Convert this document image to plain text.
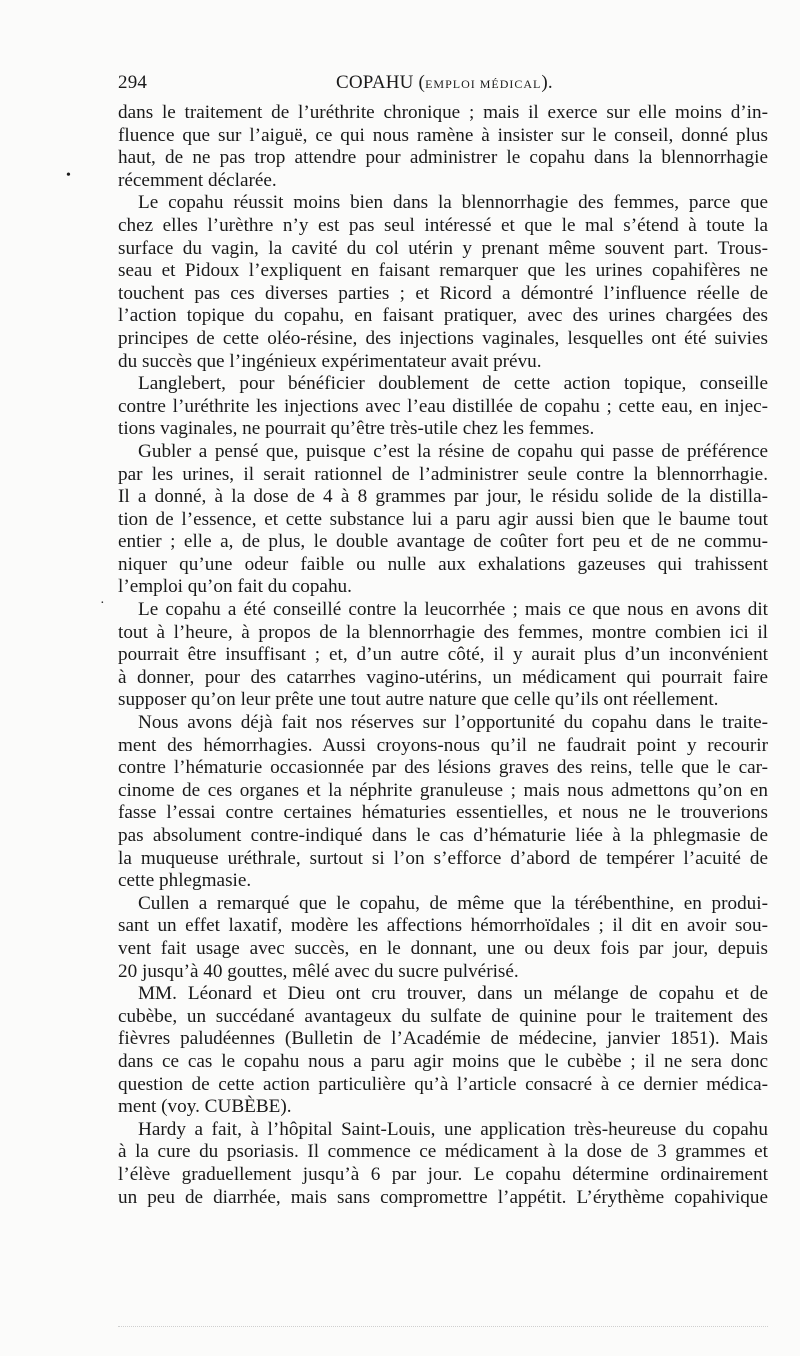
294	COPAHU (EMPLOI MÉDICAL).
•
·
dans le traitement de l’uréthrite chronique ; mais il exerce sur elle moins d’in-
fluence que sur l’aiguë, ce qui nous ramène à insister sur le conseil, donné plus
haut, de ne pas trop attendre pour administrer le copahu dans la blennorrhagie
récemment déclarée.
Le copahu réussit moins bien dans la blennorrhagie des femmes, parce que
chez elles l’urèthre n’y est pas seul intéressé et que le mal s’étend à toute la
surface du vagin, la cavité du col utérin y prenant même souvent part. Trous-
seau et Pidoux l’expliquent en faisant remarquer que les urines copahifères ne
touchent pas ces diverses parties ; et Ricord a démontré l’influence réelle de
l’action topique du copahu, en faisant pratiquer, avec des urines chargées des
principes de cette oléo-résine, des injections vaginales, lesquelles ont été suivies
du succès que l’ingénieux expérimentateur avait prévu.
Langlebert, pour bénéficier doublement de cette action topique, conseille
contre l’uréthrite les injections avec l’eau distillée de copahu ; cette eau, en injec-
tions vaginales, ne pourrait qu’être très-utile chez les femmes.
Gubler a pensé que, puisque c’est la résine de copahu qui passe de préférence
par les urines, il serait rationnel de l’administrer seule contre la blennorrhagie.
Il a donné, à la dose de 4 à 8 grammes par jour, le résidu solide de la distilla-
tion de l’essence, et cette substance lui a paru agir aussi bien que le baume tout
entier ; elle a, de plus, le double avantage de coûter fort peu et de ne commu-
niquer qu’une odeur faible ou nulle aux exhalations gazeuses qui trahissent
l’emploi qu’on fait du copahu.
Le copahu a été conseillé contre la leucorrhée ; mais ce que nous en avons dit
tout à l’heure, à propos de la blennorrhagie des femmes, montre combien ici il
pourrait être insuffisant ; et, d’un autre côté, il y aurait plus d’un inconvénient
à donner, pour des catarrhes vagino-utérins, un médicament qui pourrait faire
supposer qu’on leur prête une tout autre nature que celle qu’ils ont réellement.
Nous avons déjà fait nos réserves sur l’opportunité du copahu dans le traite-
ment des hémorrhagies. Aussi croyons-nous qu’il ne faudrait point y recourir
contre l’hématurie occasionnée par des lésions graves des reins, telle que le car-
cinome de ces organes et la néphrite granuleuse ; mais nous admettons qu’on en
fasse l’essai contre certaines hématuries essentielles, et nous ne le trouverions
pas absolument contre-indiqué dans le cas d’hématurie liée à la phlegmasie de
la muqueuse uréthrale, surtout si l’on s’efforce d’abord de tempérer l’acuité de
cette phlegmasie.
Cullen a remarqué que le copahu, de même que la térébenthine, en produi-
sant un effet laxatif, modère les affections hémorrhoïdales ; il dit en avoir sou-
vent fait usage avec succès, en le donnant, une ou deux fois par jour, depuis
20 jusqu’à 40 gouttes, mêlé avec du sucre pulvérisé.
MM. Léonard et Dieu ont cru trouver, dans un mélange de copahu et de
cubèbe, un succédané avantageux du sulfate de quinine pour le traitement des
fièvres paludéennes (Bulletin de l’Académie de médecine, janvier 1851). Mais
dans ce cas le copahu nous a paru agir moins que le cubèbe ; il ne sera donc
question de cette action particulière qu’à l’article consacré à ce dernier médica-
ment (voy. CUBÈBE).
Hardy a fait, à l’hôpital Saint-Louis, une application très-heureuse du copahu
à la cure du psoriasis. Il commence ce médicament à la dose de 3 grammes et
l’élève graduellement jusqu’à 6 par jour. Le copahu détermine ordinairement
un peu de diarrhée, mais sans compromettre l’appétit. L’érythème copahivique
